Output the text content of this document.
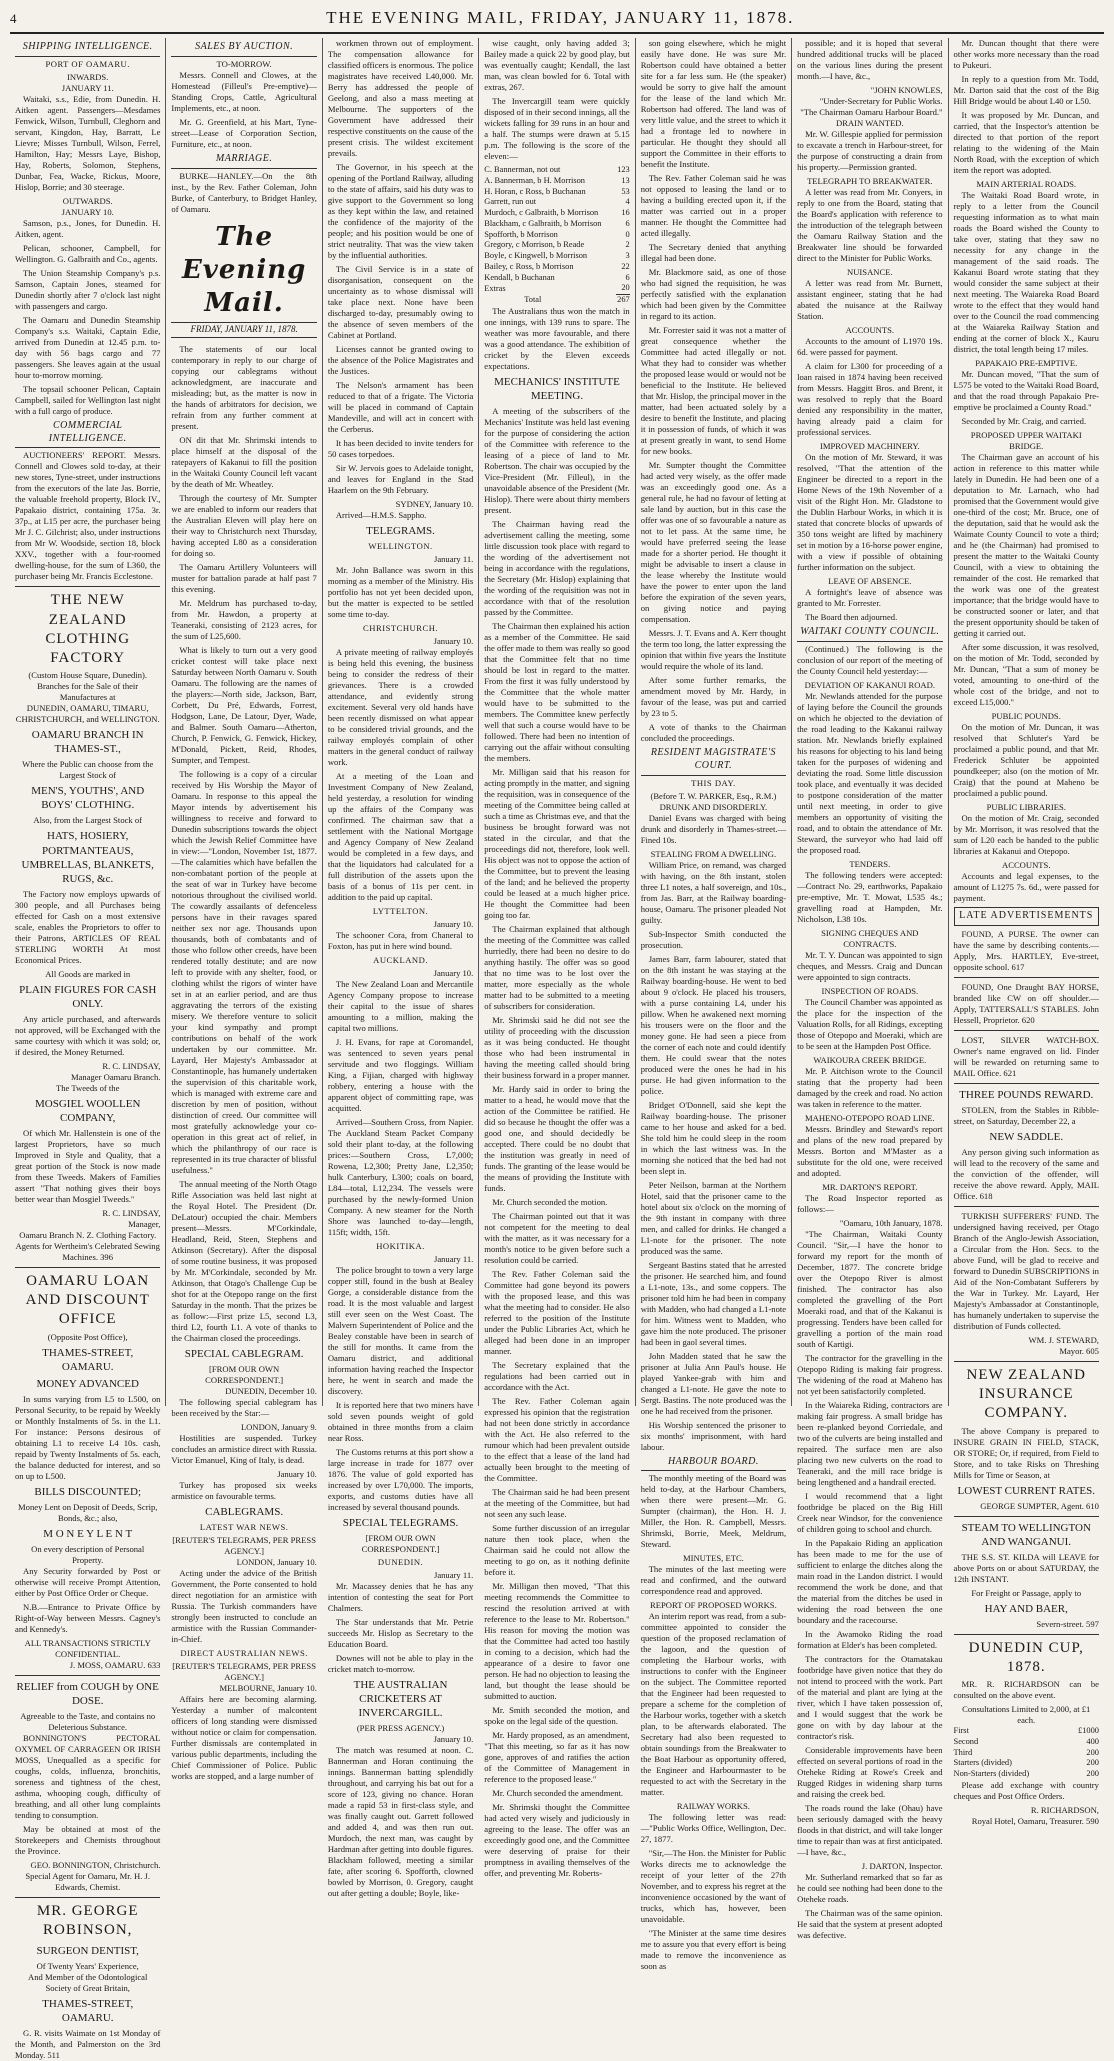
4	THE EVENING MAIL, FRIDAY, JANUARY 11, 1878.
SHIPPING INTELLIGENCE.
PORT OF OAMARU.
INWARDS.
JANUARY 11.

Waitaki, s.s., Edie, from Dunedin. H. Aitken agent. Passengers—Mesdames Fenwick, Wilson, Turnbull, Cleghorn and servant, Kingdon, Hay, Barratt, Le Lievre; Misses Turnbull, Wilson, Ferrel, Hamilton, Hay; Messrs Laye, Bishop, Hay, Roberts, Solomon, Stephens, Dunbar, Fea, Wacke, Rickus, Moore, Hislop, Borrie; and 30 steerage.

OUTWARDS.
JANUARY 10.

Samson, p.s., Jones, for Dunedin. H. Aitken, agent.

Pelican, schooner, Campbell, for Wellington. G. Galbraith and Co., agents.

The Union Steamship Company's p.s. Samson, Captain Jones, steamed for Dunedin shortly after 7 o'clock last night with passengers and cargo.

The Oamaru and Dunedin Steamship Company's s.s. Waitaki, Captain Edie, arrived from Dunedin at 12.45 p.m. to-day with 56 bags cargo and 77 passengers. She leaves again at the usual hour to-morrow morning.

The topsail schooner Pelican, Captain Campbell, sailed for Wellington last night with a full cargo of produce.

COMMERCIAL INTELLIGENCE.

AUCTIONEERS' REPORT. Messrs. Connell and Clowes sold to-day, at their new stores, Tyne-street, under instructions from the executors of the late Jas. Borrie, the valuable freehold property, Block IV., Papakaio district, containing 175a. 3r. 37p., at L15 per acre, the purchaser being Mr J. C. Gilchrist; also, under instructions from Mr W. Woodside, section 18, block XXV., together with a four-roomed dwelling-house, for the sum of L360, the purchaser being Mr. Francis Ecclestone.

THE NEW ZEALAND CLOTHING FACTORY
(Custom House Square, Dunedin).
Branches for the Sale of their Manufactures at
DUNEDIN, OAMARU, TIMARU, CHRISTCHURCH, and WELLINGTON.
OAMARU BRANCH IN THAMES-ST.,
Where the Public can choose from the Largest Stock of
MEN'S, YOUTHS', AND BOYS' CLOTHING.
Also, from the Largest Stock of
HATS, HOSIERY, PORTMANTEAUS, UMBRELLAS, BLANKETS, RUGS, &c.

The Factory now employs upwards of 300 people, and all Purchases being effected for Cash on a most extensive scale, enables the Proprietors to offer to their Patrons, ARTICLES OF REAL STERLING WORTH At most Economical Prices.

All Goods are marked in
PLAIN FIGURES FOR CASH ONLY.

Any article purchased, and afterwards not approved, will be Exchanged with the same courtesy with which it was sold; or, if desired, the Money Returned.

R. C. LINDSAY,
Manager Oamaru Branch.
The Tweeds of the
MOSGIEL WOOLLEN COMPANY,

Of which Mr. Hallenstein is one of the largest Proprietors, have so much Improved in Style and Quality, that a great portion of the Stock is now made from these Tweeds. Makers of Families assert "That nothing gives their boys better wear than Mosgiel Tweeds."

R. C. LINDSAY,
Manager,
Oamaru Branch N. Z. Clothing Factory.
Agents for Wertheim's Celebrated Sewing Machines. 396
OAMARU LOAN AND DISCOUNT OFFICE
(Opposite Post Office),
THAMES-STREET, OAMARU.
MONEY ADVANCED

In sums varying from L5 to L500, on Personal Security, to be repaid by Weekly or Monthly Instalments of 5s. in the L1. For instance: Persons desirous of obtaining L1 to receive L4 10s. cash, repaid by Twenty Instalments of 5s. each, the balance deducted for interest, and so on up to L500.

BILLS DISCOUNTED;
Money Lent on Deposit of Deeds, Scrip, Bonds, &c.; also,
M O N E Y L E N T
On every description of Personal Property.

Any Security forwarded by Post or otherwise will receive Prompt Attention, either by Post Office Order or Cheque.

N.B.—Entrance to Private Office by Right-of-Way between Messrs. Cagney's and Kennedy's.

ALL TRANSACTIONS STRICTLY CONFIDENTIAL.
J. MOSS, OAMARU. 633
RELIEF from COUGH by ONE DOSE.
Agreeable to the Taste, and contains no Deleterious Substance.

BONNINGTON'S PECTORAL OXYMEL OF CARRAGEEN OR IRISH MOSS, Unequalled as a specific for coughs, colds, influenza, bronchitis, soreness and tightness of the chest, asthma, whooping cough, difficulty of breathing, and all other lung complaints tending to consumption.

May be obtained at most of the Storekeepers and Chemists throughout the Province.

GEO. BONNINGTON, Christchurch.
Special Agent for Oamaru, Mr. H. J. Edwards, Chemist.
MR. GEORGE ROBINSON,
SURGEON DENTIST,
Of Twenty Years' Experience,
And Member of the Odontological Society of Great Britain,
THAMES-STREET, OAMARU.

G. R. visits Waimate on 1st Monday of the Month, and Palmerston on the 3rd Monday. 511

SALES BY AUCTION.
TO-MORROW.

Messrs. Connell and Clowes, at the Homestead (Filleul's Pre-emptive)—Standing Crops, Cattle, Agricultural Implements, etc., at noon.

Mr. G. Greenfield, at his Mart, Tyne-street—Lease of Corporation Section, Furniture, etc., at noon.

MARRIAGE.

BURKE—HANLEY.—On the 8th inst., by the Rev. Father Coleman, John Burke, of Canterbury, to Bridget Hanley, of Oamaru.

The Evening Mail.
FRIDAY, JANUARY 11, 1878.

The statements of our local contemporary in reply to our charge of copying our cablegrams without acknowledgment, are inaccurate and misleading; but, as the matter is now in the hands of arbitrators for decision, we refrain from any further comment at present.

ON dit that Mr. Shrimski intends to place himself at the disposal of the ratepayers of Kakanui to fill the position in the Waitaki County Council left vacant by the death of Mr. Wheatley.

Through the courtesy of Mr. Sumpter we are enabled to inform our readers that the Australian Eleven will play here on their way to Christchurch next Thursday, having accepted L80 as a consideration for doing so.

The Oamaru Artillery Volunteers will muster for battalion parade at half past 7 this evening.

Mr. Meldrum has purchased to-day, from Mr. Hawdon, a property at Teaneraki, consisting of 2123 acres, for the sum of L25,600.

What is likely to turn out a very good cricket contest will take place next Saturday between North Oamaru v. South Oamaru. The following are the names of the players:—North side, Jackson, Barr, Corbett, Du Pré, Edwards, Forrest, Hodgson, Lane, De Latour, Dyer, Wade, and Balmer. South Oamaru—Atherton, Church, P. Fenwick, G. Fenwick, Hickey, M'Donald, Pickett, Reid, Rhodes, Sumpter, and Tempest.

The following is a copy of a circular received by His Worship the Mayor of Oamaru. In response to this appeal the Mayor intends by advertisement his willingness to receive and forward to Dunedin subscriptions towards the object which the Jewish Relief Committee have in view:—"London, November 1st, 1877.—The calamities which have befallen the non-combatant portion of the people at the seat of war in Turkey have become notorious throughout the civilised world. The cowardly assailants of defenceless persons have in their ravages spared neither sex nor age. Thousands upon thousands, both of combatants and of those who follow other creeds, have been rendered totally destitute; and are now left to provide with any shelter, food, or clothing whilst the rigors of winter have set in at an earlier period, and are thus aggravating the terrors of the existing misery. We therefore venture to solicit your kind sympathy and prompt contributions on behalf of the work undertaken by our committee. Mr. Layard, Her Majesty's Ambassador at Constantinople, has humanely undertaken the supervision of this charitable work, which is managed with extreme care and discretion by men of position, without distinction of creed. Our committee will most gratefully acknowledge your co-operation in this great act of relief, in which the philanthropy of our race is represented in its true character of blissful usefulness."

The annual meeting of the North Otago Rifle Association was held last night at the Royal Hotel. The President (Dr. DeLatour) occupied the chair. Members present—Messrs. M'Corkindale, Headland, Reid, Steen, Stephens and Atkinson (Secretary). After the disposal of some routine business, it was proposed by Mr. M'Corkindale, seconded by Mr. Atkinson, that Otago's Challenge Cup be shot for at the Otepopo range on the first Saturday in the month. That the prizes be as follow:—First prize L5, second L3, third L2, fourth L1. A vote of thanks to the Chairman closed the proceedings.

SPECIAL CABLEGRAM.
[FROM OUR OWN CORRESPONDENT.]
DUNEDIN, December 10.

The following special cablegram has been received by the Star:—

LONDON, January 9.

Hostilities are suspended. Turkey concludes an armistice direct with Russia. Victor Emanuel, King of Italy, is dead.

January 10.

Turkey has proposed six weeks armistice on favourable terms.

CABLEGRAMS.
LATEST WAR NEWS.
[REUTER'S TELEGRAMS, PER PRESS AGENCY.]
LONDON, January 10.

Acting under the advice of the British Government, the Porte consented to hold direct negotiation for an armistice with Russia. The Turkish commanders have strongly been instructed to conclude an armistice with the Russian Commander-in-Chief.

DIRECT AUSTRALIAN NEWS.
[REUTER'S TELEGRAMS, PER PRESS AGENCY.]
MELBOURNE, January 10.

Affairs here are becoming alarming. Yesterday a number of malcontent officers of long standing were dismissed without notice or claim for compensation. Further dismissals are contemplated in various public departments, including the Chief Commissioner of Police. Public works are stopped, and a large number of

workmen thrown out of employment. The compensation allowance for classified officers is enormous. The police magistrates have received L40,000. Mr. Berry has addressed the people of Geelong, and also a mass meeting at Melbourne. The supporters of the Government have addressed their respective constituents on the cause of the present crisis. The wildest excitement prevails.

The Governor, in his speech at the opening of the Portland Railway, alluding to the state of affairs, said his duty was to give support to the Government so long as they kept within the law, and retained the confidence of the majority of the people; and his position would be one of strict neutrality. That was the view taken by the influential authorities.

The Civil Service is in a state of disorganisation, consequent on the uncertainty as to whose dismissal will take place next. None have been discharged to-day, presumably owing to the absence of seven members of the Cabinet at Portland.

Licenses cannot be granted owing to the absence of the Police Magistrates and the Justices.

The Nelson's armament has been reduced to that of a frigate. The Victoria will be placed in command of Captain Mandeville, and will act in concert with the Cerberus.

It has been decided to invite tenders for 50 cases torpedoes.

Sir W. Jervois goes to Adelaide tonight, and leaves for England in the Stad Haarlem on the 9th February.

SYDNEY, January 10.

Arrived—H.M.S. Sappho.

TELEGRAMS.
WELLINGTON.
January 11.

Mr. John Ballance was sworn in this morning as a member of the Ministry. His portfolio has not yet been decided upon, but the matter is expected to be settled some time to-day.

CHRISTCHURCH.
January 10.

A private meeting of railway employés is being held this evening, the business being to consider the redress of their grievances. There is a crowded attendance, and evidently strong excitement. Several very old hands have been recently dismissed on what appear to be considered trivial grounds, and the railway employés complain of other matters in the general conduct of railway work.

At a meeting of the Loan and Investment Company of New Zealand, held yesterday, a resolution for winding up the affairs of the Company was confirmed. The chairman saw that a settlement with the National Mortgage and Agency Company of New Zealand would be completed in a few days, and that the liquidators had calculated for a full distribution of the assets upon the basis of a bonus of 11s per cent. in addition to the paid up capital.

LYTTELTON.
January 10.

The schooner Cora, from Chaneral to Foxton, has put in here wind bound.

AUCKLAND.
January 10.

The New Zealand Loan and Mercantile Agency Company propose to increase their capital to the issue of shares amounting to a million, making the capital two millions.

J. H. Evans, for rape at Coromandel, was sentenced to seven years penal servitude and two floggings. William King, a Fijian, charged with highway robbery, entering a house with the apparent object of committing rape, was acquitted.

Arrived—Southern Cross, from Napier. The Auckland Steam Packet Company sold their plant to-day, at the following prices:—Southern Cross, L7,000; Rowena, L2,300; Pretty Jane, L2,350; hulk Canterbury, L300; coals on board, L84—total, L12,234. The vessels were purchased by the newly-formed Union Company. A new steamer for the North Shore was launched to-day—length, 115ft; width, 15ft.

HOKITIKA.
January 11.

The police brought to town a very large copper still, found in the bush at Bealey Gorge, a considerable distance from the road. It is the most valuable and largest still ever seen on the West Coast. The Malvern Superintendent of Police and the Bealey constable have been in search of the still for months. It came from the Oamaru district, and additional information having reached the Inspector here, he went in search and made the discovery.

It is reported here that two miners have sold seven pounds weight of gold obtained in three months from a claim near Ross.

The Customs returns at this port show a large increase in trade for 1877 over 1876. The value of gold exported has increased by over L70,000. The imports, exports, and customs duties have all increased by several thousand pounds.

SPECIAL TELEGRAMS.
[FROM OUR OWN CORRESPONDENT.]
DUNEDIN.
January 11.

Mr. Macassey denies that he has any intention of contesting the seat for Port Chalmers.

The Star understands that Mr. Petrie succeeds Mr. Hislop as Secretary to the Education Board.

Downes will not be able to play in the cricket match to-morrow.

THE AUSTRALIAN CRICKETERS AT INVERCARGILL.
(PER PRESS AGENCY.)
January 10.

The match was resumed at noon. C. Bannerman and Horan continuing the innings. Bannerman batting splendidly throughout, and carrying his bat out for a score of 123, giving no chance. Horan made a rapid 53 in first-class style, and was finally caught out. Garrett followed and added 4, and was then run out. Murdoch, the next man, was caught by Hardman after getting into double figures. Blackham followed, meeting a similar fate, after scoring 6. Spofforth, clowned bowled by Morrison, 0. Gregory, caught out after getting a double; Boyle, like-

wise caught, only having added 3; Bailey made a quick 22 by good play, but was eventually caught; Kendall, the last man, was clean bowled for 6. Total with extras, 267.

The Invercargill team were quickly disposed of in their second innings, all the wickets falling for 39 runs in an hour and a half. The stumps were drawn at 5.15 p.m. The following is the score of the eleven:—

C. Bannerman, not out	123
A. Bannerman, b H. Morrison	13
H. Horan, c Ross, b Buchanan	53
Garrett, run out	4
Murdoch, c Galbraith, b Morrison	16
Blackham, c Galbraith, b Morrison	6
Spofforth, b Morrison	0
Gregory, c Morrison, b Reade	2
Boyle, c Kingwell, b Morrison	3
Bailey, c Ross, b Morrison	22
Kendall, b Buchanan	6
Extras	20
Total	267

The Australians thus won the match in one innings, with 139 runs to spare. The weather was more favourable, and there was a good attendance. The exhibition of cricket by the Eleven exceeds expectations.

MECHANICS' INSTITUTE MEETING.

A meeting of the subscribers of the Mechanics' Institute was held last evening for the purpose of considering the action of the Committee with reference to the leasing of a piece of land to Mr. Robertson. The chair was occupied by the Vice-President (Mr. Filleul), in the unavoidable absence of the President (Mr. Hislop). There were about thirty members present.

The Chairman having read the advertisement calling the meeting, some little discussion took place with regard to the wording of the advertisement not being in accordance with the regulations, the Secretary (Mr. Hislop) explaining that the wording of the requisition was not in accordance with that of the resolution passed by the Committee.

The Chairman then explained his action as a member of the Committee. He said the offer made to them was really so good that the Committee felt that no time should be lost in regard to the matter. From the first it was fully understood by the Committee that the whole matter would have to be submitted to the members. The Committee knew perfectly well that such a course would have to be followed. There had been no intention of carrying out the affair without consulting the members.

Mr. Milligan said that his reason for acting promptly in the matter, and signing the requisition, was in consequence of the meeting of the Committee being called at such a time as Christmas eve, and that the business be brought forward was not stated in the circular, and that the proceedings did not, therefore, look well. His object was not to oppose the action of the Committee, but to prevent the leasing of the land; and he believed the property could be leased at a much higher price. He thought the Committee had been going too far.

The Chairman explained that although the meeting of the Committee was called hurriedly, there had been no desire to do anything hastily. The offer was so good that no time was to be lost over the matter, more especially as the whole matter had to be submitted to a meeting of subscribers for consideration.

Mr. Shrimski said he did not see the utility of proceeding with the discussion as it was being conducted. He thought those who had been instrumental in having the meeting called should bring their business forward in a proper manner.

Mr. Hardy said in order to bring the matter to a head, he would move that the action of the Committee be ratified. He did so because he thought the offer was a good one, and should decidedly be accepted. There could be no doubt that the institution was greatly in need of funds. The granting of the lease would be the means of providing the Institute with funds.

Mr. Church seconded the motion.

The Chairman pointed out that it was not competent for the meeting to deal with the matter, as it was necessary for a month's notice to be given before such a resolution could be carried.

The Rev. Father Coleman said the Committee had gone beyond its powers with the proposed lease, and this was what the meeting had to consider. He also referred to the position of the Institute under the Public Libraries Act, which he alleged had been done in an improper manner.

The Secretary explained that the regulations had been carried out in accordance with the Act.

The Rev. Father Coleman again expressed his opinion that the registration had not been done strictly in accordance with the Act. He also referred to the rumour which had been prevalent outside to the effect that a lease of the land had actually been brought to the meeting of the Committee.

The Chairman said he had been present at the meeting of the Committee, but had not seen any such lease.

Some further discussion of an irregular nature then took place, when the Chairman said he could not allow the meeting to go on, as it nothing definite before it.

Mr. Milligan then moved, "That this meeting recommends the Committee to rescind the resolution arrived at with reference to the lease to Mr. Robertson." His reason for moving the motion was that the Committee had acted too hastily in coming to a decision, which had the appearance of a desire to favor one person. He had no objection to leasing the land, but thought the lease should be submitted to auction.

Mr. Smith seconded the motion, and spoke on the legal side of the question.

Mr. Hardy proposed, as an amendment, "That this meeting, so far as it has now gone, approves of and ratifies the action of the Committee of Management in reference to the proposed lease."

Mr. Church seconded the amendment.

Mr. Shrimski thought the Committee had acted very wisely and judiciously in agreeing to the lease. The offer was an exceedingly good one, and the Committee were deserving of praise for their promptness in availing themselves of the offer, and preventing Mr. Roberts-

son going elsewhere, which he might easily have done. He was sure Mr. Robertson could have obtained a better site for a far less sum. He (the speaker) would be sorry to give half the amount for the lease of the land which Mr. Robertson had offered. The land was of very little value, and the street to which it had a frontage led to nowhere in particular. He thought they should all support the Committee in their efforts to benefit the Institute.

The Rev. Father Coleman said he was not opposed to leasing the land or to having a building erected upon it, if the matter was carried out in a proper manner. He thought the Committee had acted illegally.

The Secretary denied that anything illegal had been done.

Mr. Blackmore said, as one of those who had signed the requisition, he was perfectly satisfied with the explanation which had been given by the Committee in regard to its action.

Mr. Forrester said it was not a matter of great consequence whether the Committee had acted illegally or not. What they had to consider was whether the proposed lease would or would not be beneficial to the Institute. He believed that Mr. Hislop, the principal mover in the matter, had been actuated solely by a desire to benefit the Institute, and placing it in possession of funds, of which it was at present greatly in want, to send Home for new books.

Mr. Sumpter thought the Committee had acted very wisely, as the offer made was an exceedingly good one. As a general rule, he had no favour of letting at sale land by auction, but in this case the offer was one of so favourable a nature as not to let pass. At the same time, he would have preferred seeing the lease made for a shorter period. He thought it might be advisable to insert a clause in the lease whereby the Institute would have the power to enter upon the land before the expiration of the seven years, on giving notice and paying compensation.

Messrs. J. T. Evans and A. Kerr thought the term too long, the latter expressing the opinion that within five years the Institute would require the whole of its land.

After some further remarks, the amendment moved by Mr. Hardy, in favour of the lease, was put and carried by 23 to 5.

A vote of thanks to the Chairman concluded the proceedings.

RESIDENT MAGISTRATE'S COURT.
THIS DAY.
(Before T. W. PARKER, Esq., R.M.)
DRUNK AND DISORDERLY.

Daniel Evans was charged with being drunk and disorderly in Thames-street.—Fined 10s.

STEALING FROM A DWELLING.

William Price, on remand, was charged with having, on the 8th instant, stolen three L1 notes, a half sovereign, and 10s., from Jas. Barr, at the Railway boarding-house, Oamaru. The prisoner pleaded Not guilty.

Sub-Inspector Smith conducted the prosecution.

James Barr, farm labourer, stated that on the 8th instant he was staying at the Railway boarding-house. He went to bed about 9 o'clock. He placed his trousers, with a purse containing L4, under his pillow. When he awakened next morning his trousers were on the floor and the money gone. He had seen a piece from the corner of each note and could identify them. He could swear that the notes produced were the ones he had in his purse. He had given information to the police.

Bridget O'Donnell, said she kept the Railway boarding-house. The prisoner came to her house and asked for a bed. She told him he could sleep in the room in which the last witness was. In the morning she noticed that the bed had not been slept in.

Peter Neilson, barman at the Northern Hotel, said that the prisoner came to the hotel about six o'clock on the morning of the 9th instant in company with three men, and called for drinks. He changed a L1-note for the prisoner. The note produced was the same.

Sergeant Bastins stated that he arrested the prisoner. He searched him, and found a L1-note, 13s., and some coppers. The prisoner told him he had been in company with Madden, who had changed a L1-note for him. Witness went to Madden, who gave him the note produced. The prisoner had been in gaol several times.

John Madden stated that he saw the prisoner at Julia Ann Paul's house. He played Yankee-grab with him and changed a L1-note. He gave the note to Sergt. Bastins. The note produced was the one he had received from the prisoner.

His Worship sentenced the prisoner to six months' imprisonment, with hard labour.

HARBOUR BOARD.

The monthly meeting of the Board was held to-day, at the Harbour Chambers, when there were present—Mr. G. Sumpter (chairman), the Hon. H. J. Miller, the Hon. R. Campbell, Messrs. Shrimski, Borrie, Meek, Meldrum, Steward.

MINUTES, ETC.

The minutes of the last meeting were read and confirmed, and the outward correspondence read and approved.

REPORT OF PROPOSED WORKS.

An interim report was read, from a sub-committee appointed to consider the question of the proposed reclamation of the lagoon, and the question of completing the Harbour works, with instructions to confer with the Engineer on the subject. The Committee reported that the Engineer had been requested to prepare a scheme for the completion of the Harbour works, together with a sketch plan, to be afterwards elaborated. The Secretary had also been requested to obtain soundings from the Breakwater to the Boat Harbour as opportunity offered, the Engineer and Harbourmaster to be requested to act with the Secretary in the matter.

RAILWAY WORKS.

The following letter was read:—"Public Works Office, Wellington, Dec. 27, 1877.

"Sir,—The Hon. the Minister for Public Works directs me to acknowledge the receipt of your letter of the 27th November, and to express his regret at the inconvenience occasioned by the want of trucks, which has, however, been unavoidable.

"The Minister at the same time desires me to assure you that every effort is being made to remove the inconvenience as soon as

possible; and it is hoped that several hundred additional trucks will be placed on the various lines during the present month.—I have, &c.,

"JOHN KNOWLES,
"Under-Secretary for Public Works.
"The Chairman Oamaru Harbour Board."
DRAIN WANTED.

Mr. W. Gillespie applied for permission to excavate a trench in Harbour-street, for the purpose of constructing a drain from his property.—Permission granted.

TELEGRAPH TO BREAKWATER.

A letter was read from Mr. Conyers, in reply to one from the Board, stating that the Board's application with reference to the introduction of the telegraph between the Oamaru Railway Station and the Breakwater line should be forwarded direct to the Minister for Public Works.

NUISANCE.

A letter was read from Mr. Burnett, assistant engineer, stating that he had abated the nuisance at the Railway Station.

ACCOUNTS.

Accounts to the amount of L1970 19s. 6d. were passed for payment.

A claim for L300 for proceeding of a loan raised in 1874 having been received from Messrs. Haggitt Bros. and Brent, it was resolved to reply that the Board denied any responsibility in the matter, having already paid a claim for professional services.

IMPROVED MACHINERY.

On the motion of Mr. Steward, it was resolved, "That the attention of the Engineer be directed to a report in the Home News of the 19th November of a visit of the Right Hon. Mr. Gladstone to the Dublin Harbour Works, in which it is stated that concrete blocks of upwards of 350 tons weight are lifted by machinery set in motion by a 16-horse power engine, with a view if possible of obtaining further information on the subject.

LEAVE OF ABSENCE.

A fortnight's leave of absence was granted to Mr. Forrester.

The Board then adjourned.

WAITAKI COUNTY COUNCIL.

(Continued.) The following is the conclusion of our report of the meeting of the County Council held yesterday:—

DEVIATION OF KAKANUI ROAD.

Mr. Newlands attended for the purpose of laying before the Council the grounds on which he objected to the deviation of the road leading to the Kakanui railway station. Mr. Newlands briefly explained his reasons for objecting to his land being taken for the purposes of widening and deviating the road. Some little discussion took place, and eventually it was decided to postpone consideration of the matter until next meeting, in order to give members an opportunity of visiting the road, and to obtain the attendance of Mr. Steward, the surveyor who had laid off the proposed road.

TENDERS.

The following tenders were accepted:—Contract No. 29, earthworks, Papakaio pre-emptive, Mr. T. Mowat, L535 4s.; gravelling road at Hampden, Mr. Nicholson, L38 10s.

SIGNING CHEQUES AND CONTRACTS.

Mr. T. Y. Duncan was appointed to sign cheques, and Messrs. Craig and Duncan were appointed to sign contracts.

INSPECTION OF ROADS.

The Council Chamber was appointed as the place for the inspection of the Valuation Rolls, for all Ridings, excepting those of Otepopo and Moeraki, which are to be seen at the Hampden Post Office.

WAIKOURA CREEK BRIDGE.

Mr. P. Aitchison wrote to the Council stating that the property had been damaged by the creek and road. No action was taken in reference to the matter.

MAHENO-OTEPOPO ROAD LINE.

Messrs. Brindley and Steward's report and plans of the new road prepared by Messrs. Borton and M'Master as a substitute for the old one, were received and adopted.

MR. DARTON'S REPORT.

The Road Inspector reported as follows:—

"Oamaru, 10th January, 1878.

"The Chairman, Waitaki County Council. "Sir,—I have the honor to forward my report for the month of December, 1877. The concrete bridge over the Otepopo River is almost finished. The contractor has also completed the gravelling of the Port Moeraki road, and that of the Kakanui is progressing. Tenders have been called for gravelling a portion of the main road south of Kartigi.

The contractor for the gravelling in the Otepopo Riding is making fair progress. The widening of the road at Maheno has not yet been satisfactorily completed.

In the Waiareka Riding, contractors are making fair progress. A small bridge has been re-planked beyond Corriedale, and two of the culverts are being installed and repaired. The surface men are also placing two new culverts on the road to Teaneraki, and the mill race bridge is being lengthened and a handrail erected.

I would recommend that a light footbridge be placed on the Big Hill Creek near Windsor, for the convenience of children going to school and church.

In the Papakaio Riding an application has been made to me for the use of sufficient to enlarge the ditches along the main road in the Landon district. I would recommend the work be done, and that the material from the ditches be used in widening the road between the one boundary and the racecourse.

In the Awamoko Riding the road formation at Elder's has been completed.

The contractors for the Otamatakau footbridge have given notice that they do not intend to proceed with the work. Part of the material and plant are lying at the river, which I have taken possession of, and I would suggest that the work be gone on with by day labour at the contractor's risk.

Considerable improvements have been effected on several portions of road in the Oteheke Riding at Rowe's Creek and Rugged Ridges in widening sharp turns and raising the creek bed.

The roads round the lake (Ohau) have been seriously damaged with the heavy floods in that district, and will take longer time to repair than was at first anticipated.—I have, &c.,

J. DARTON, Inspector.

Mr. Sutherland remarked that so far as he could see nothing had been done to the Oteheke roads.

The Chairman was of the same opinion. He said that the system at present adopted was defective.

Mr. Duncan thought that there were other works more necessary than the road to Pukeuri.

In reply to a question from Mr. Todd, Mr. Darton said that the cost of the Big Hill Bridge would be about L40 or L50.

It was proposed by Mr. Duncan, and carried, that the Inspector's attention be directed to that portion of the report relating to the widening of the Main North Road, with the exception of which item the report was adopted.

MAIN ARTERIAL ROADS.

The Waitaki Road Board wrote, in reply to a letter from the Council requesting information as to what main roads the Board wished the County to take over, stating that they saw no necessity for any change in the management of the said roads. The Kakanui Board wrote stating that they would consider the same subject at their next meeting. The Waiareka Road Board wrote to the effect that they would hand over to the Council the road commencing at the Waiareka Railway Station and ending at the corner of block X., Kauru district, the total length being 17 miles.

PAPAKAIO PRE-EMPTIVE.

Mr. Duncan moved, "That the sum of L575 be voted to the Waitaki Road Board, and that the road through Papakaio Pre-emptive be proclaimed a County Road."

Seconded by Mr. Craig, and carried.

PROPOSED UPPER WAITAKI BRIDGE.

The Chairman gave an account of his action in reference to this matter while lately in Dunedin. He had been one of a deputation to Mr. Larnach, who had promised that the Government would give one-third of the cost; Mr. Bruce, one of the deputation, said that he would ask the Waimate County Council to vote a third; and he (the Chairman) had promised to present the matter to the Waitaki County Council, with a view to obtaining the remainder of the cost. He remarked that the work was one of the greatest importance; that the bridge would have to be constructed sooner or later, and that the present opportunity should be taken of getting it carried out.

After some discussion, it was resolved, on the motion of Mr. Todd, seconded by Mr. Duncan, "That a sum of money be voted, amounting to one-third of the whole cost of the bridge, and not to exceed L15,000."

PUBLIC POUNDS.

On the motion of Mr. Duncan, it was resolved that Schluter's Yard be proclaimed a public pound, and that Mr. Frederick Schluter be appointed poundkeeper; also (on the motion of Mr. Craig) that the pound at Maheno be proclaimed a public pound.

PUBLIC LIBRARIES.

On the motion of Mr. Craig, seconded by Mr. Morrison, it was resolved that the sum of L20 each be handed to the public libraries at Kakanui and Otepopo.

ACCOUNTS.

Accounts and legal expenses, to the amount of L1275 7s. 6d., were passed for payment.

LATE ADVERTISEMENTS

FOUND, A PURSE. The owner can have the same by describing contents.—Apply, Mrs. HARTLEY, Eve-street, opposite school. 617

FOUND, One Draught BAY HORSE, branded like CW on off shoulder.—Apply, TATTERSALL'S STABLES. John Hessell, Proprietor. 620

LOST, SILVER WATCH-BOX. Owner's name engraved on lid. Finder will be rewarded on returning same to MAIL Office. 621

THREE POUNDS REWARD.

STOLEN, from the Stables in Ribble-street, on Saturday, December 22, a

NEW SADDLE.

Any person giving such information as will lead to the recovery of the same and the conviction of the offender, will receive the above reward. Apply, MAIL Office. 618

TURKISH SUFFERERS' FUND. The undersigned having received, per Otago Branch of the Anglo-Jewish Association, a Circular from the Hon. Secs. to the above Fund, will be glad to receive and forward to Dunedin SUBSCRIPTIONS in Aid of the Non-Combatant Sufferers by the War in Turkey. Mr. Layard, Her Majesty's Ambassador at Constantinople, has humanely undertaken to supervise the distribution of Funds collected.

WM. J. STEWARD,
Mayor. 605
NEW ZEALAND INSURANCE COMPANY.

The above Company is prepared to INSURE GRAIN IN FIELD, STACK, OR STORE; Or, if required, from Field to Store, and to take Risks on Threshing Mills for Time or Season, at

LOWEST CURRENT RATES.
GEORGE SUMPTER, Agent. 610
STEAM TO WELLINGTON AND WANGANUI.

THE S.S. ST. KILDA will LEAVE for above Ports on or about SATURDAY, the 12th INSTANT.

For Freight or Passage, apply to
HAY AND BAER,
Severn-street. 597
DUNEDIN CUP, 1878.

MR. R. RICHARDSON can be consulted on the above event.

Consultations Limited to 2,000, at £1 each.
First	£1000
Second	400
Third	200
Starters (divided)	200
Non-Starters (divided)	200

Please add exchange with country cheques and Post Office Orders.

R. RICHARDSON,
Royal Hotel, Oamaru, Treasurer. 590
